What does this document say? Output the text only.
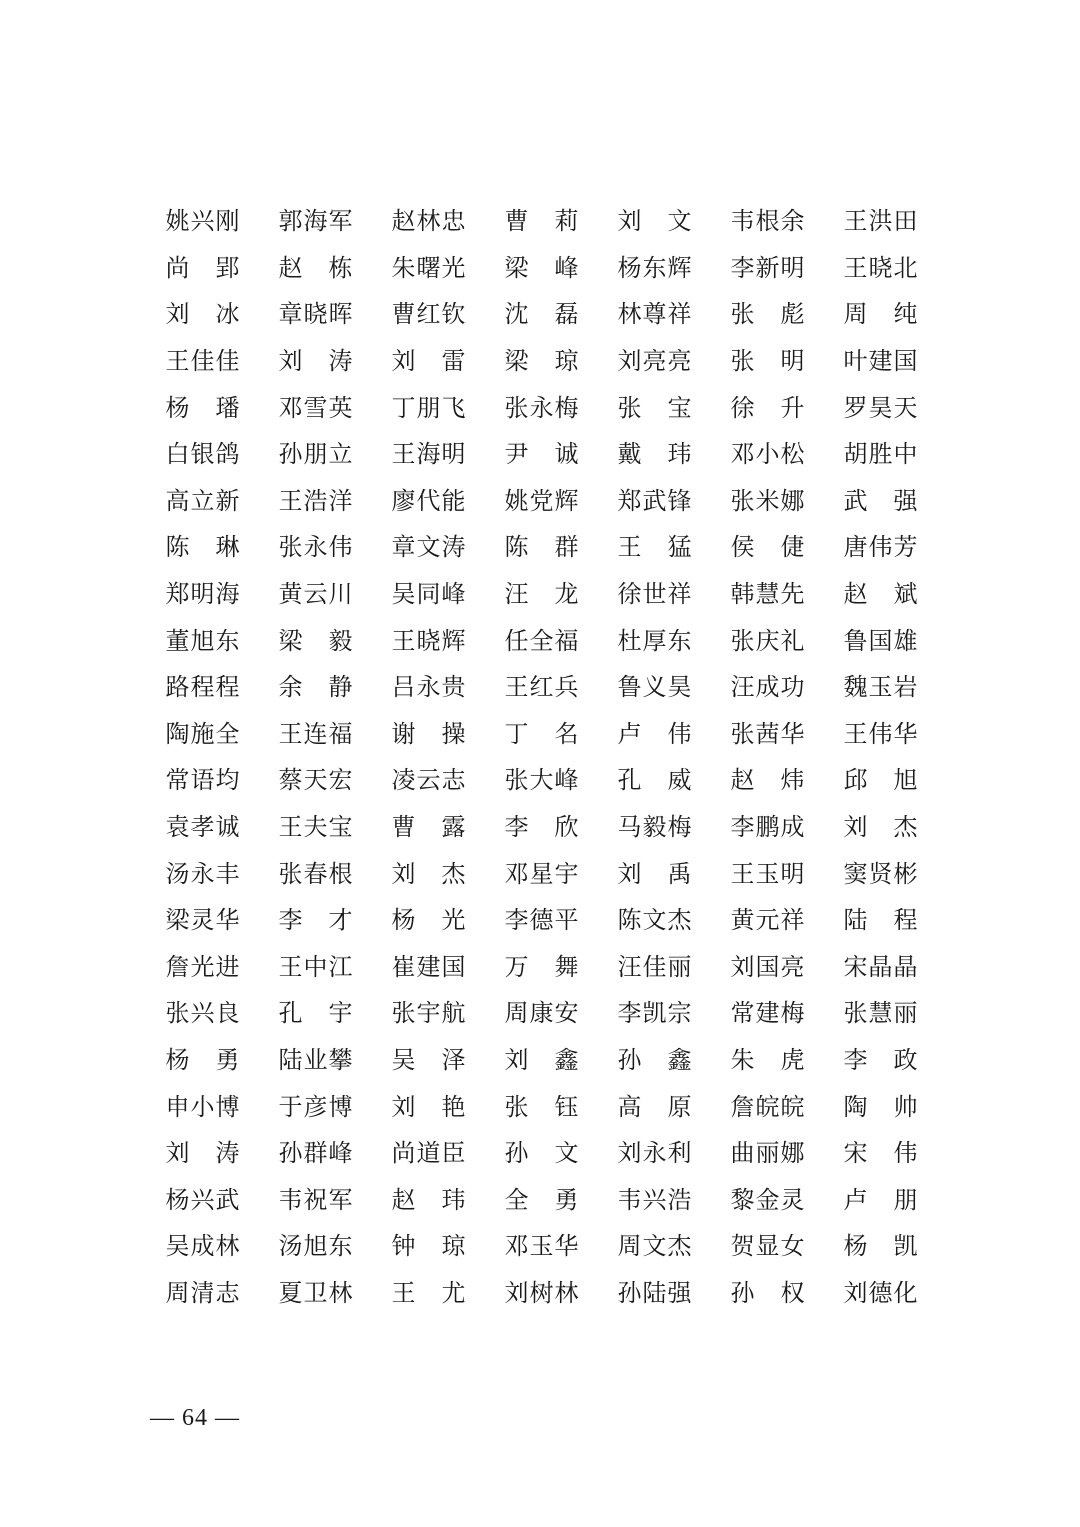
姚兴刚	郭海军	赵林忠	曹 莉	刘 文	韦根余	王洪田
尚 郢	赵 栋	朱曙光	梁 峰	杨东辉	李新明	王晓北
刘 冰	章晓晖	曹红钦	沈 磊	林尊祥	张 彪	周 纯
王佳佳	刘 涛	刘 雷	梁 琼	刘亮亮	张 明	叶建国
杨 璠	邓雪英	丁朋飞	张永梅	张 宝	徐 升	罗昊天
白银鸽	孙朋立	王海明	尹 诚	戴 玮	邓小松	胡胜中
高立新	王浩洋	廖代能	姚党辉	郑武锋	张米娜	武 强
陈 琳	张永伟	章文涛	陈 群	王 猛	侯 倢	唐伟芳
郑明海	黄云川	吴同峰	汪 龙	徐世祥	韩慧先	赵 斌
董旭东	梁 毅	王晓辉	任全福	杜厚东	张庆礼	鲁国雄
路程程	余 静	吕永贵	王红兵	鲁义昊	汪成功	魏玉岩
陶施全	王连福	谢 操	丁 名	卢 伟	张茜华	王伟华
常语均	蔡天宏	凌云志	张大峰	孔 威	赵 炜	邱 旭
袁孝诚	王夫宝	曹 露	李 欣	马毅梅	李鹏成	刘 杰
汤永丰	张春根	刘 杰	邓星宇	刘 禹	王玉明	窦贤彬
梁灵华	李 才	杨 光	李德平	陈文杰	黄元祥	陆 程
詹光进	王中江	崔建国	万 舞	汪佳丽	刘国亮	宋晶晶
张兴良	孔 宇	张宇航	周康安	李凯宗	常建梅	张慧丽
杨 勇	陆业攀	吴 泽	刘 鑫	孙 鑫	朱 虎	李 政
申小博	于彦博	刘 艳	张 钰	高 原	詹皖皖	陶 帅
刘 涛	孙群峰	尚道臣	孙 文	刘永利	曲丽娜	宋 伟
杨兴武	韦祝军	赵 玮	全 勇	韦兴浩	黎金灵	卢 朋
吴成林	汤旭东	钟 琼	邓玉华	周文杰	贺显女	杨 凯
周清志	夏卫林	王 尤	刘树林	孙陆强	孙 权	刘德化
— 64 —
